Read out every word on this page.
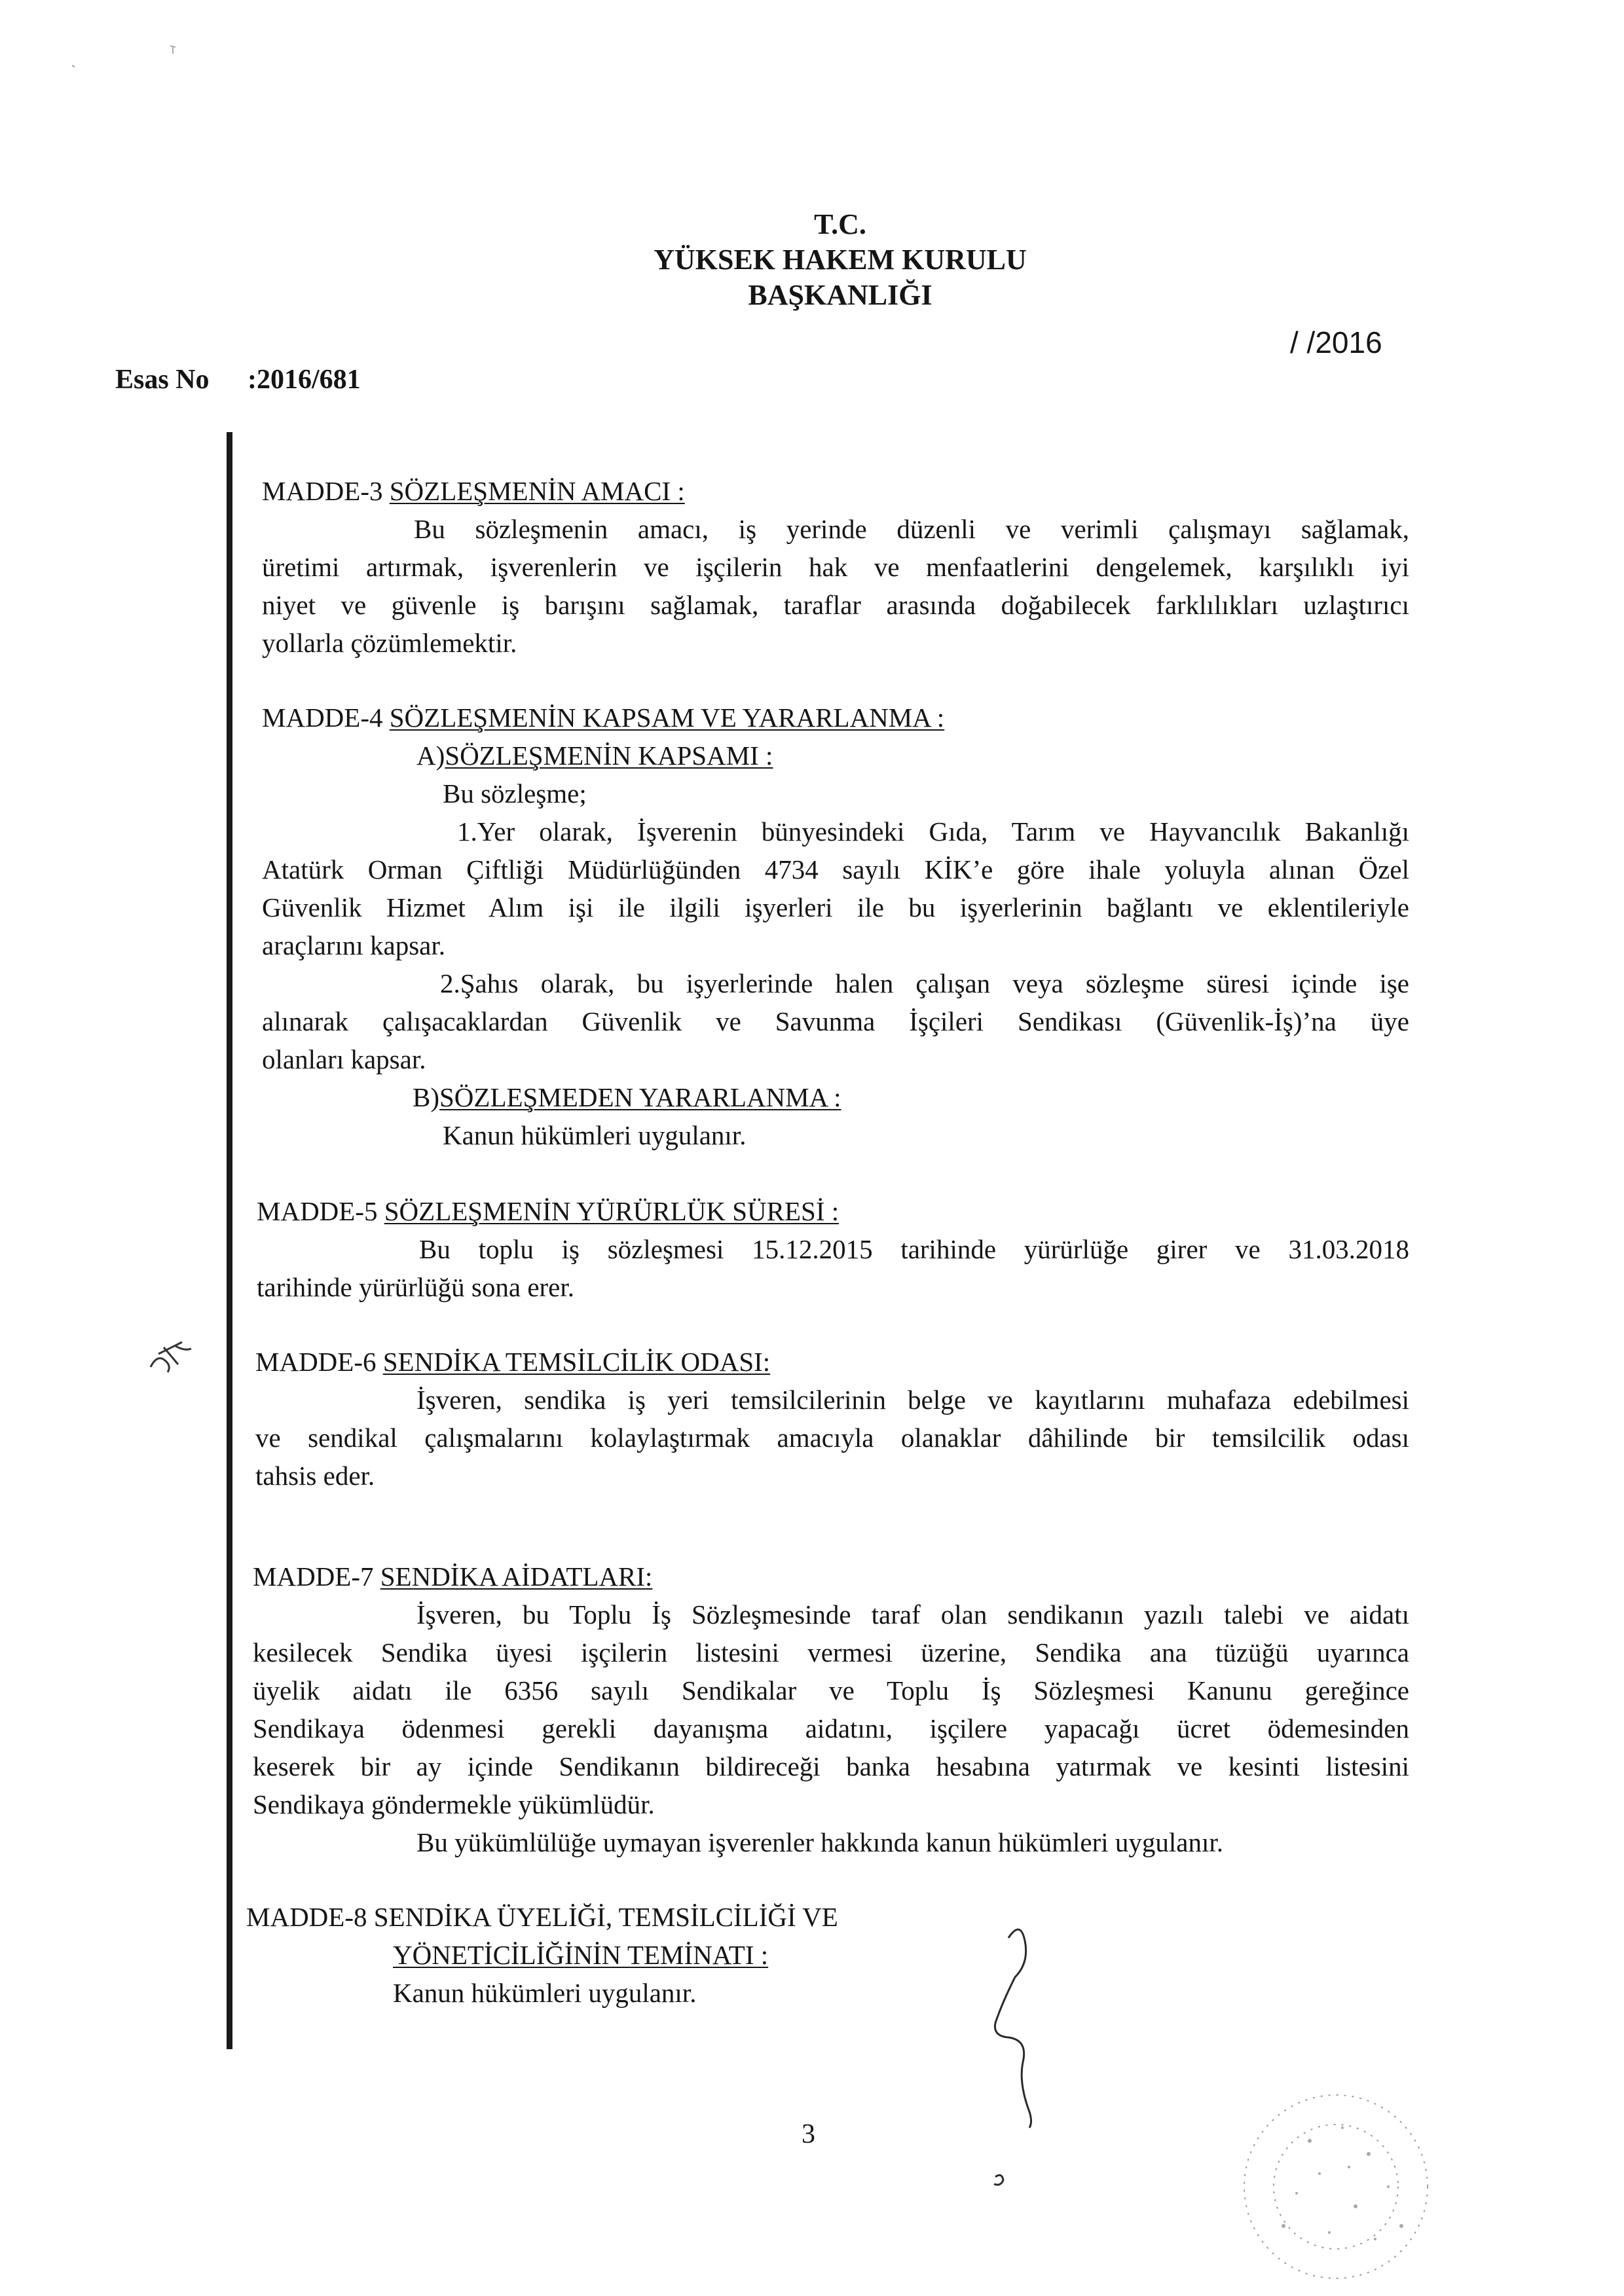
T.C.
YÜKSEK HAKEM KURULU
BAŞKANLIĞI
/ /2016
Esas No :2016/681
MADDE-3 SÖZLEŞMENİN AMACI :
Bu sözleşmenin amacı, iş yerinde düzenli ve verimli çalışmayı sağlamak,
üretimi artırmak, işverenlerin ve işçilerin hak ve menfaatlerini dengelemek, karşılıklı iyi
niyet ve güvenle iş barışını sağlamak, taraflar arasında doğabilecek farklılıkları uzlaştırıcı
yollarla çözümlemektir.
MADDE-4 SÖZLEŞMENİN KAPSAM VE YARARLANMA :
A)SÖZLEŞMENİN KAPSAMI :
Bu sözleşme;
1.Yer olarak, İşverenin bünyesindeki Gıda, Tarım ve Hayvancılık Bakanlığı
Atatürk Orman Çiftliği Müdürlüğünden 4734 sayılı KİK’e göre ihale yoluyla alınan Özel
Güvenlik Hizmet Alım işi ile ilgili işyerleri ile bu işyerlerinin bağlantı ve eklentileriyle
araçlarını kapsar.
2.Şahıs olarak, bu işyerlerinde halen çalışan veya sözleşme süresi içinde işe
alınarak çalışacaklardan Güvenlik ve Savunma İşçileri Sendikası (Güvenlik-İş)’na üye
olanları kapsar.
B)SÖZLEŞMEDEN YARARLANMA :
Kanun hükümleri uygulanır.
MADDE-5 SÖZLEŞMENİN YÜRÜRLÜK SÜRESİ :
Bu toplu iş sözleşmesi 15.12.2015 tarihinde yürürlüğe girer ve 31.03.2018
tarihinde yürürlüğü sona erer.
MADDE-6 SENDİKA TEMSİLCİLİK ODASI:
İşveren, sendika iş yeri temsilcilerinin belge ve kayıtlarını muhafaza edebilmesi
ve sendikal çalışmalarını kolaylaştırmak amacıyla olanaklar dâhilinde bir temsilcilik odası
tahsis eder.
MADDE-7 SENDİKA AİDATLARI:
İşveren, bu Toplu İş Sözleşmesinde taraf olan sendikanın yazılı talebi ve aidatı
kesilecek Sendika üyesi işçilerin listesini vermesi üzerine, Sendika ana tüzüğü uyarınca
üyelik aidatı ile 6356 sayılı Sendikalar ve Toplu İş Sözleşmesi Kanunu gereğince
Sendikaya ödenmesi gerekli dayanışma aidatını, işçilere yapacağı ücret ödemesinden
keserek bir ay içinde Sendikanın bildireceği banka hesabına yatırmak ve kesinti listesini
Sendikaya göndermekle yükümlüdür.
Bu yükümlülüğe uymayan işverenler hakkında kanun hükümleri uygulanır.
MADDE-8 SENDİKA ÜYELİĞİ, TEMSİLCİLİĞİ VE
YÖNETİCİLİĞİNİN TEMİNATI :
Kanun hükümleri uygulanır.
3
